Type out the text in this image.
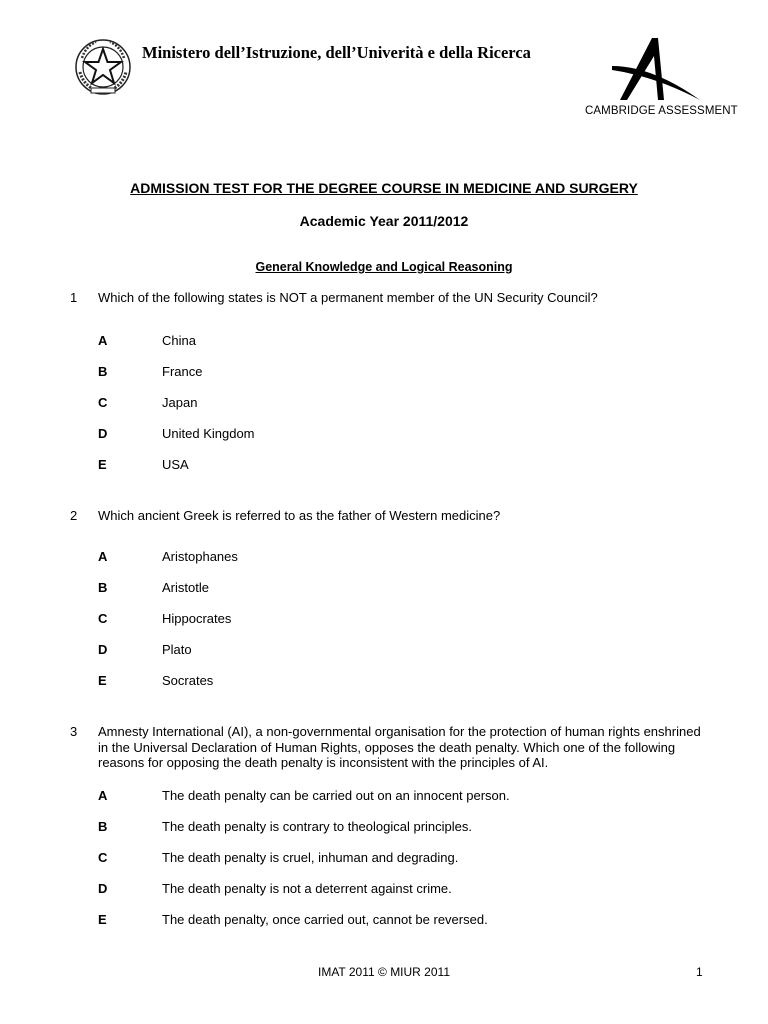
Ministero dell’Istruzione, dell’Univerità e della Ricerca
CAMBRIDGE ASSESSMENT
ADMISSION TEST FOR THE DEGREE COURSE IN MEDICINE AND SURGERY
Academic Year 2011/2012
General Knowledge and Logical Reasoning
1 Which of the following states is NOT a permanent member of the UN Security Council?
A	China
B	France
C	Japan
D	United Kingdom
E	USA
2 Which ancient Greek is referred to as the father of Western medicine?
A	Aristophanes
B	Aristotle
C	Hippocrates
D	Plato
E	Socrates
3 Amnesty International (AI), a non-governmental organisation for the protection of human rights enshrined in the Universal Declaration of Human Rights, opposes the death penalty. Which one of the following reasons for opposing the death penalty is inconsistent with the principles of AI.
A	The death penalty can be carried out on an innocent person.
B	The death penalty is contrary to theological principles.
C	The death penalty is cruel, inhuman and degrading.
D	The death penalty is not a deterrent against crime.
E	The death penalty, once carried out, cannot be reversed.
IMAT 2011 © MIUR 2011	1
